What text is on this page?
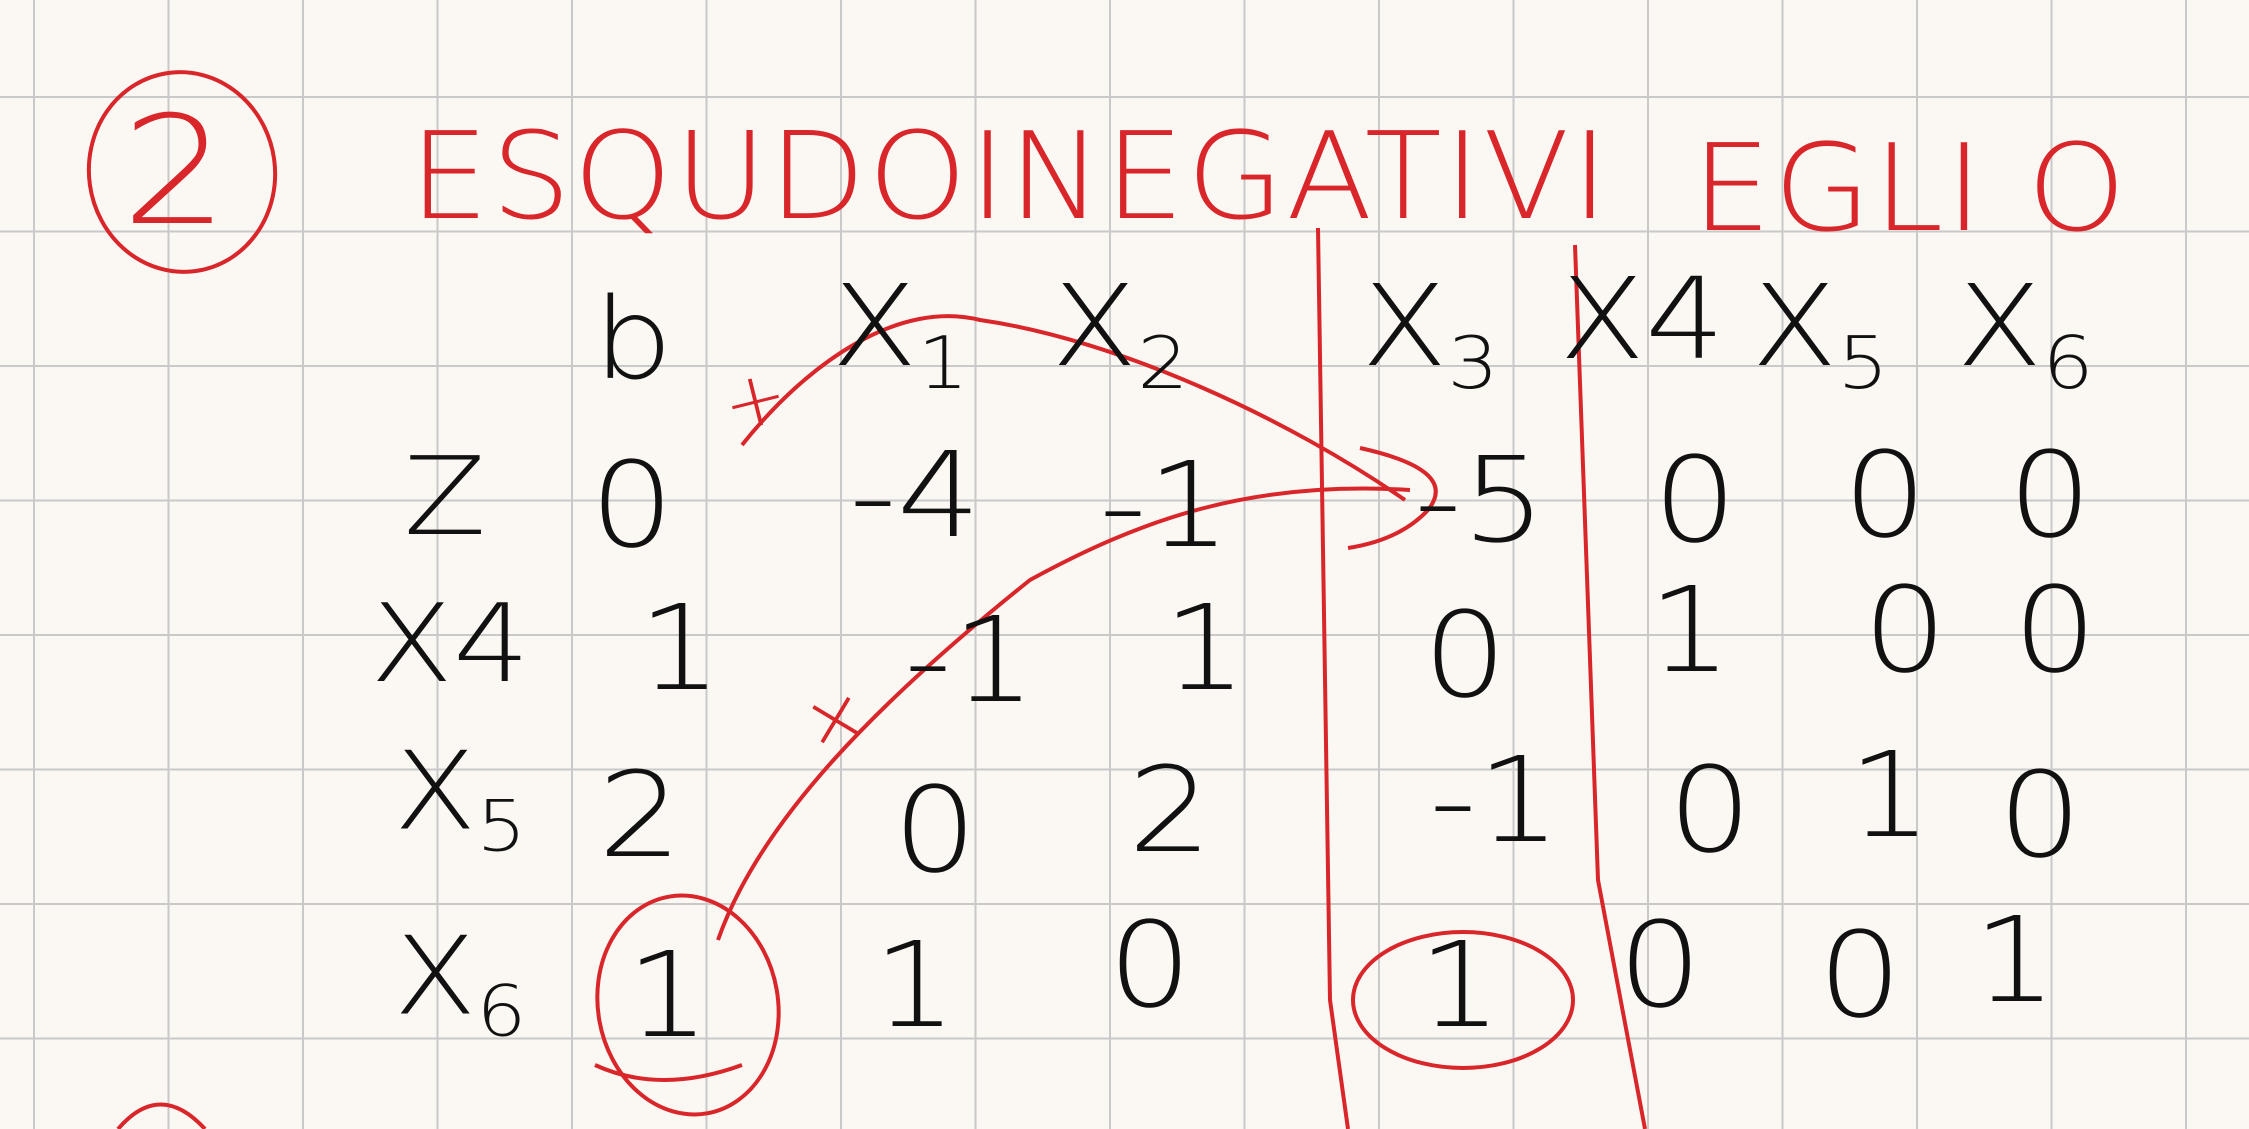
2 ESQUDOINEGATIVI EGLI O
+
×
b $X_1$ $X_2$ $X_3$ X4 $X_5$ $X_6$
Z 0 -4 -1 -5 0 0 0
X4 1 -1 1 0 1 0 0
$X_5$ 2 0 2 -1 0 1 0
$X_6$ 1 1 0 1 0 0 1
